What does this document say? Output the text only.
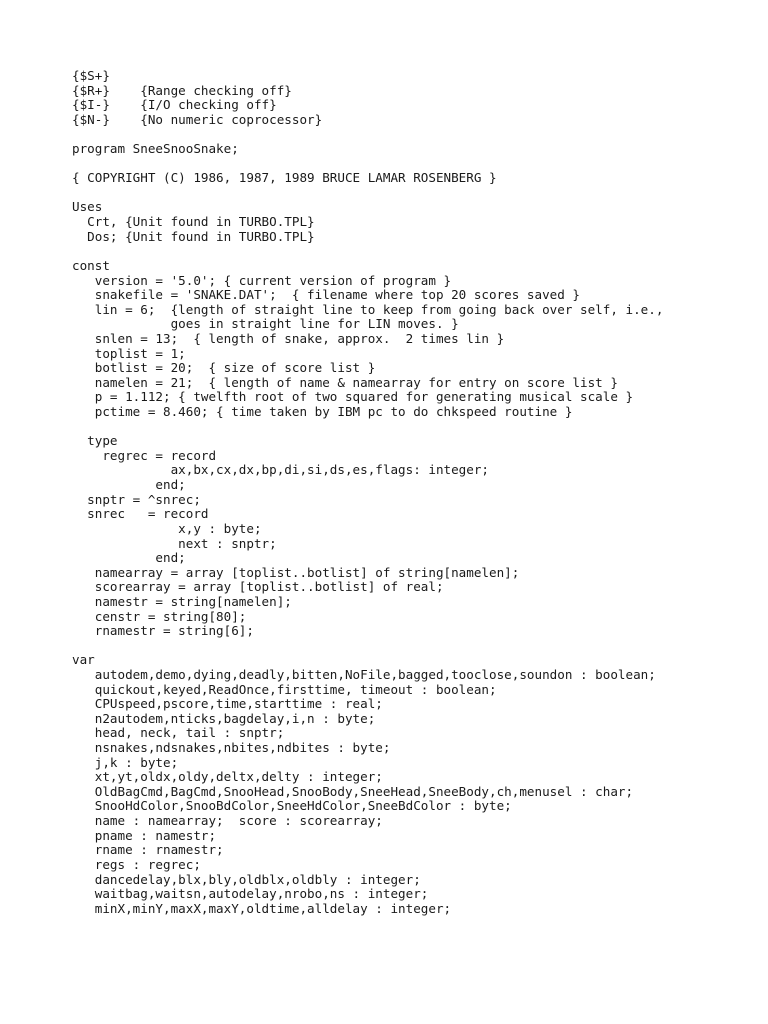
{$S+}
{$R+}    {Range checking off}
{$I-}    {I/O checking off}
{$N-}    {No numeric coprocessor}
program SneeSnooSnake;
{ COPYRIGHT (C) 1986, 1987, 1989 BRUCE LAMAR ROSENBERG }
Uses
Crt, {Unit found in TURBO.TPL}
Dos; {Unit found in TURBO.TPL}
const
version = '5.0'; { current version of program }
snakefile = 'SNAKE.DAT';  { filename where top 20 scores saved }
lin = 6;  {length of straight line to keep from going back over self, i.e.,
goes in straight line for LIN moves. }
snlen = 13;  { length of snake, approx.  2 times lin }
toplist = 1;
botlist = 20;  { size of score list }
namelen = 21;  { length of name & namearray for entry on score list }
p = 1.112; { twelfth root of two squared for generating musical scale }
pctime = 8.460; { time taken by IBM pc to do chkspeed routine }
type
regrec = record
ax,bx,cx,dx,bp,di,si,ds,es,flags: integer;
end;
snptr = ^snrec;
snrec   = record
x,y : byte;
next : snptr;
end;
namearray = array [toplist..botlist] of string[namelen];
scorearray = array [toplist..botlist] of real;
namestr = string[namelen];
censtr = string[80];
rnamestr = string[6];
var
autodem,demo,dying,deadly,bitten,NoFile,bagged,tooclose,soundon : boolean;
quickout,keyed,ReadOnce,firsttime, timeout : boolean;
CPUspeed,pscore,time,starttime : real;
n2autodem,nticks,bagdelay,i,n : byte;
head, neck, tail : snptr;
nsnakes,ndsnakes,nbites,ndbites : byte;
j,k : byte;
xt,yt,oldx,oldy,deltx,delty : integer;
OldBagCmd,BagCmd,SnooHead,SnooBody,SneeHead,SneeBody,ch,menusel : char;
SnooHdColor,SnooBdColor,SneeHdColor,SneeBdColor : byte;
name : namearray;  score : scorearray;
pname : namestr;
rname : rnamestr;
regs : regrec;
dancedelay,blx,bly,oldblx,oldbly : integer;
waitbag,waitsn,autodelay,nrobo,ns : integer;
minX,minY,maxX,maxY,oldtime,alldelay : integer;
